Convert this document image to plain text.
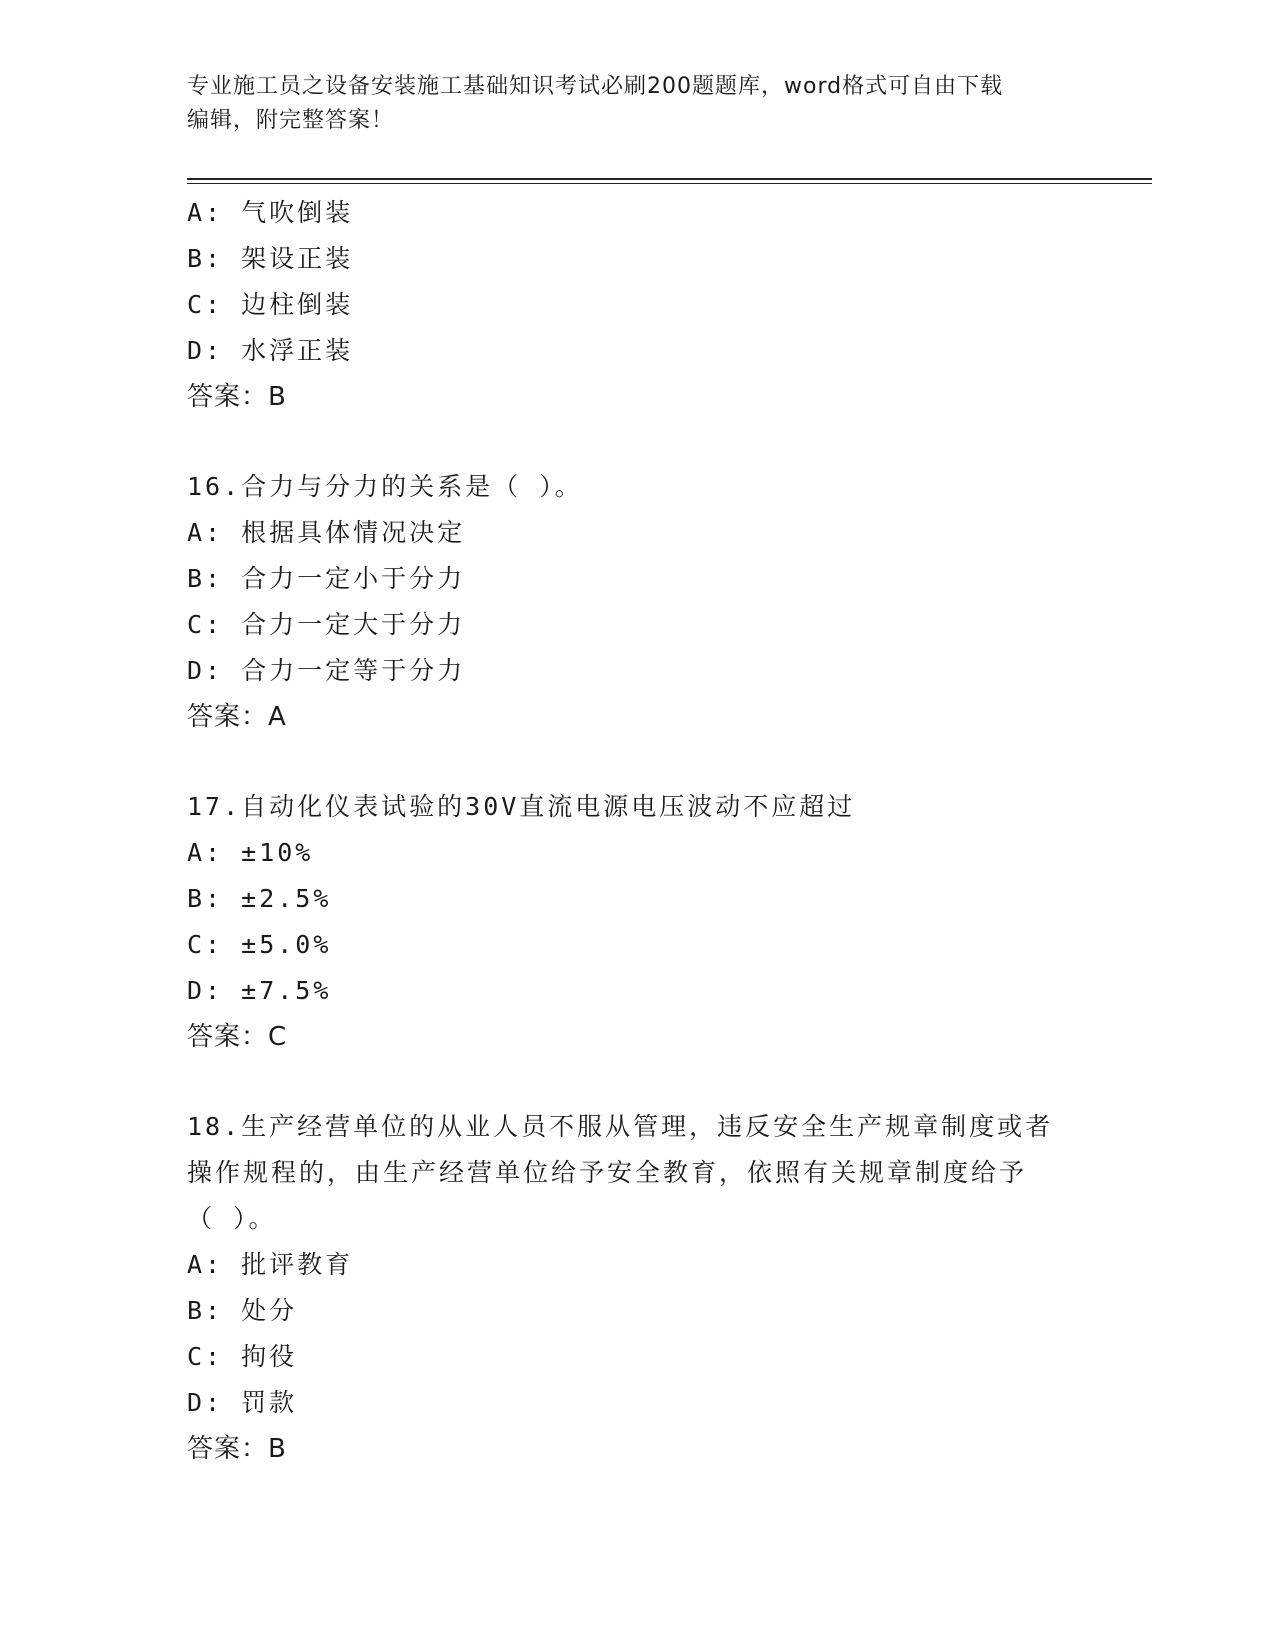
专业施工员之设备安装施工基础知识考试必刷200题题库，word格式可自由下载
编辑，附完整答案！
A: 气吹倒装
B: 架设正装
C: 边柱倒装
D: 水浮正装
答案：B
16.合力与分力的关系是（ ）。
A: 根据具体情况决定
B: 合力一定小于分力
C: 合力一定大于分力
D: 合力一定等于分力
答案：A
17.自动化仪表试验的30V直流电源电压波动不应超过
A: ±10%
B: ±2.5%
C: ±5.0%
D: ±7.5%
答案：C
18.生产经营单位的从业人员不服从管理，违反安全生产规章制度或者
操作规程的，由生产经营单位给予安全教育，依照有关规章制度给予
（ ）。
A: 批评教育
B: 处分
C: 拘役
D: 罚款
答案：B
